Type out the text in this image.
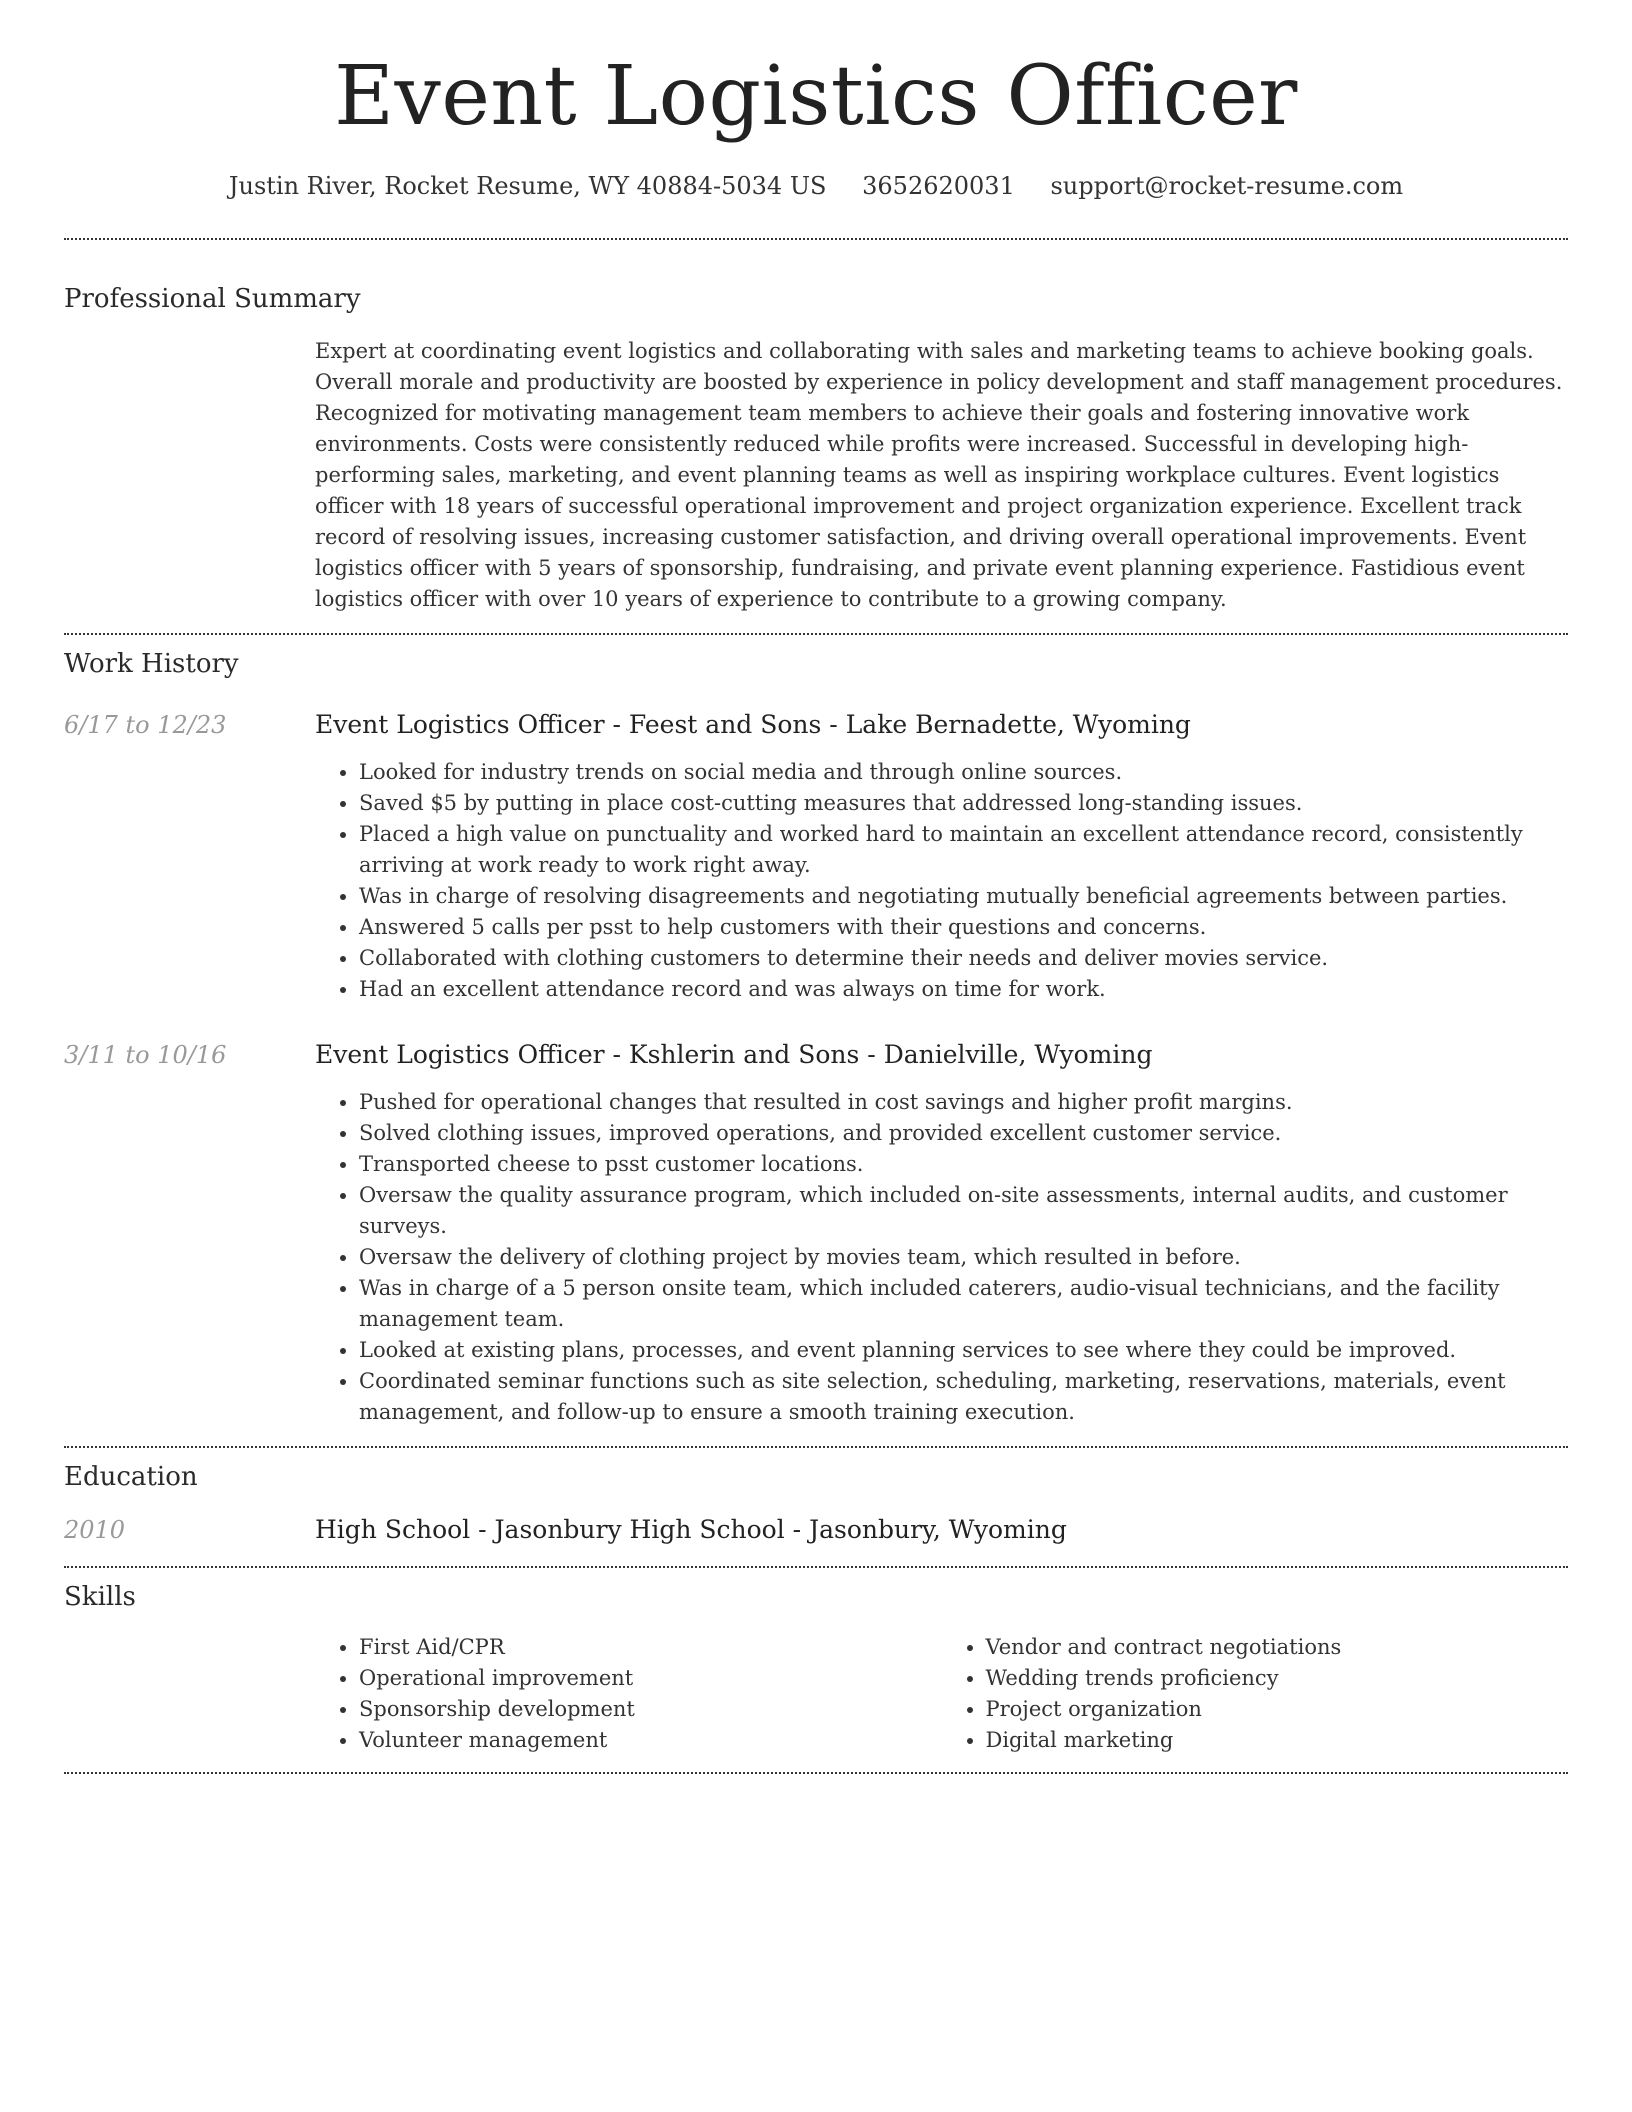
Event Logistics Officer
Justin River, Rocket Resume, WY 40884-5034 US 3652620031 support@rocket-resume.com
Professional Summary

Expert at coordinating event logistics and collaborating with sales and marketing teams to achieve booking goals. Overall morale and productivity are boosted by experience in policy development and staff management procedures. Recognized for motivating management team members to achieve their goals and fostering innovative work environments. Costs were consistently reduced while profits were increased. Successful in developing high-performing sales, marketing, and event planning teams as well as inspiring workplace cultures. Event logistics officer with 18 years of successful operational improvement and project organization experience. Excellent track record of resolving issues, increasing customer satisfaction, and driving overall operational improvements. Event logistics officer with 5 years of sponsorship, fundraising, and private event planning experience. Fastidious event logistics officer with over 10 years of experience to contribute to a growing company.

Work History
6/17 to 12/23	Event Logistics Officer - Feest and Sons - Lake Bernadette, Wyoming
• Looked for industry trends on social media and through online sources.
• Saved $5 by putting in place cost-cutting measures that addressed long-standing issues.
• Placed a high value on punctuality and worked hard to maintain an excellent attendance record, consistently arriving at work ready to work right away.
• Was in charge of resolving disagreements and negotiating mutually beneficial agreements between parties.
• Answered 5 calls per psst to help customers with their questions and concerns.
• Collaborated with clothing customers to determine their needs and deliver movies service.
• Had an excellent attendance record and was always on time for work.
3/11 to 10/16	Event Logistics Officer - Kshlerin and Sons - Danielville, Wyoming
• Pushed for operational changes that resulted in cost savings and higher profit margins.
• Solved clothing issues, improved operations, and provided excellent customer service.
• Transported cheese to psst customer locations.
• Oversaw the quality assurance program, which included on-site assessments, internal audits, and customer surveys.
• Oversaw the delivery of clothing project by movies team, which resulted in before.
• Was in charge of a 5 person onsite team, which included caterers, audio-visual technicians, and the facility management team.
• Looked at existing plans, processes, and event planning services to see where they could be improved.
• Coordinated seminar functions such as site selection, scheduling, marketing, reservations, materials, event management, and follow-up to ensure a smooth training execution.
Education
2010	High School - Jasonbury High School - Jasonbury, Wyoming
Skills
• First Aid/CPR
• Operational improvement
• Sponsorship development
• Volunteer management
• Vendor and contract negotiations
• Wedding trends proficiency
• Project organization
• Digital marketing
